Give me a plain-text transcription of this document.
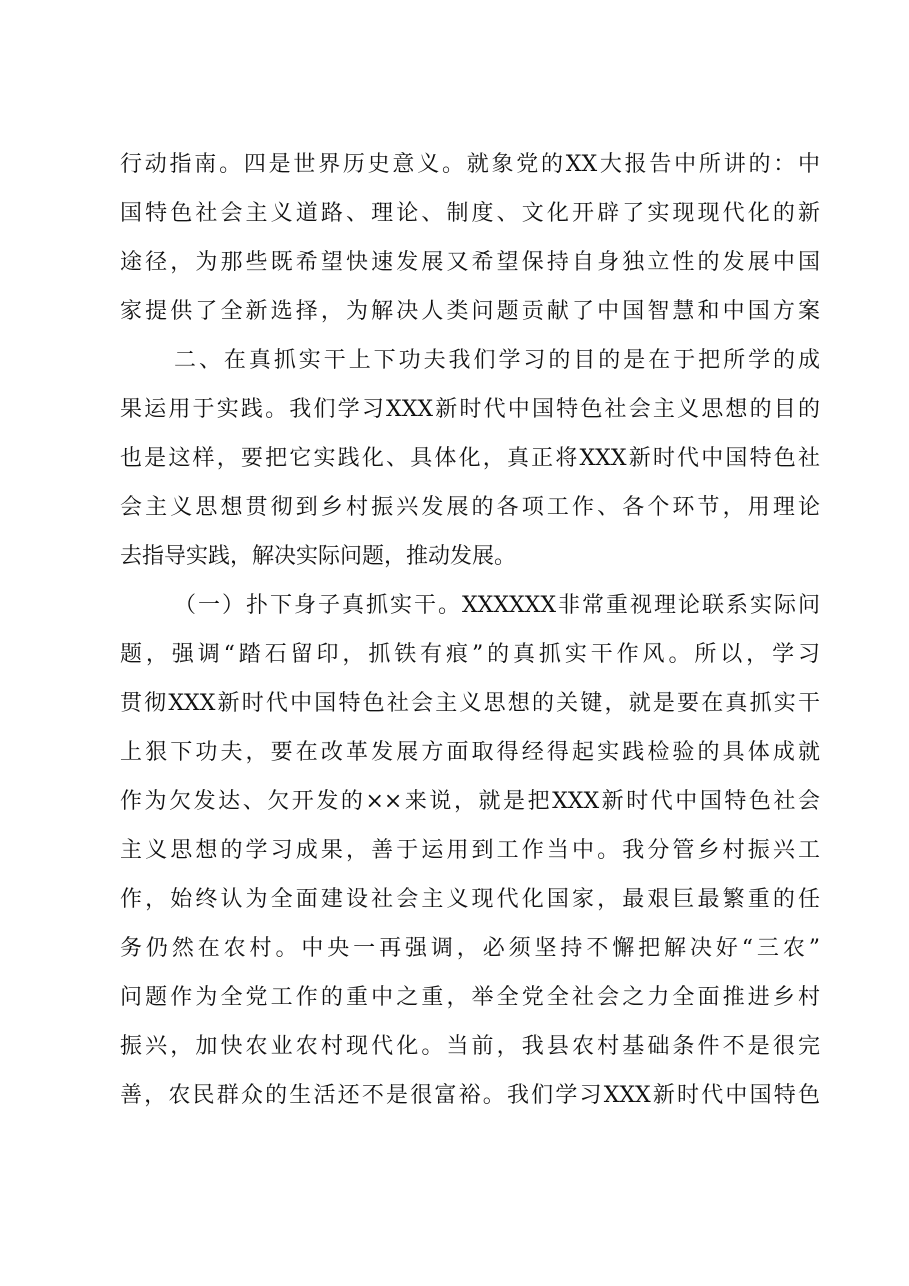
行动指南。四是世界历史意义。就象党的XX大报告中所讲的：中
国特色社会主义道路、理论、制度、文化开辟了实现现代化的新
途径，为那些既希望快速发展又希望保持自身独立性的发展中国
家提供了全新选择，为解决人类问题贡献了中国智慧和中国方案
二、在真抓实干上下功夫我们学习的目的是在于把所学的成
果运用于实践。我们学习XXX新时代中国特色社会主义思想的目的
也是这样，要把它实践化、具体化，真正将XXX新时代中国特色社
会主义思想贯彻到乡村振兴发展的各项工作、各个环节，用理论
去指导实践，解决实际问题，推动发展。
（一）扑下身子真抓实干。XXXXXX非常重视理论联系实际问
题，强调“踏石留印，抓铁有痕”的真抓实干作风。所以，学习
贯彻XXX新时代中国特色社会主义思想的关键，就是要在真抓实干
上狠下功夫，要在改革发展方面取得经得起实践检验的具体成就
作为欠发达、欠开发的××来说，就是把XXX新时代中国特色社会
主义思想的学习成果，善于运用到工作当中。我分管乡村振兴工
作，始终认为全面建设社会主义现代化国家，最艰巨最繁重的任
务仍然在农村。中央一再强调，必须坚持不懈把解决好“三农”
问题作为全党工作的重中之重，举全党全社会之力全面推进乡村
振兴，加快农业农村现代化。当前，我县农村基础条件不是很完
善，农民群众的生活还不是很富裕。我们学习XXX新时代中国特色
